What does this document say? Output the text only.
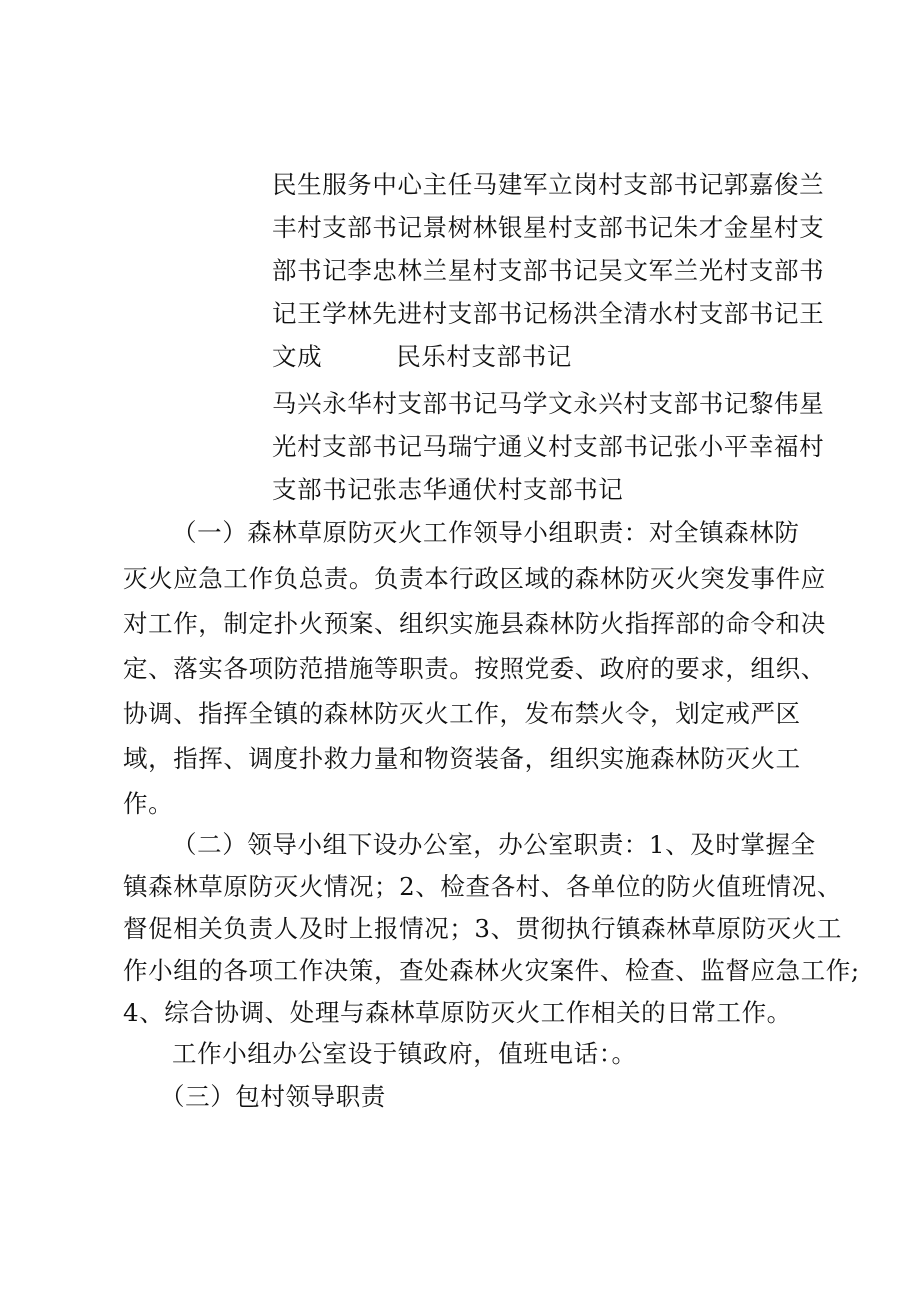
民生服务中心主任马建军立岗村支部书记郭嘉俊兰
丰村支部书记景树林银星村支部书记朱才金星村支
部书记李忠林兰星村支部书记吴文军兰光村支部书
记王学林先进村支部书记杨洪全清水村支部书记王
文成	民乐村支部书记
马兴永华村支部书记马学文永兴村支部书记黎伟星
光村支部书记马瑞宁通义村支部书记张小平幸福村
支部书记张志华通伏村支部书记
（一）森林草原防灭火工作领导小组职责：对全镇森林防
灭火应急工作负总责。负责本行政区域的森林防灭火突发事件应
对工作，制定扑火预案、组织实施县森林防火指挥部的命令和决
定、落实各项防范措施等职责。按照党委、政府的要求，组织、
协调、指挥全镇的森林防灭火工作，发布禁火令，划定戒严区
域，指挥、调度扑救力量和物资装备，组织实施森林防灭火工
作。
（二）领导小组下设办公室，办公室职责：1、及时掌握全
镇森林草原防灭火情况；2、检查各村、各单位的防火值班情况、
督促相关负责人及时上报情况；3、贯彻执行镇森林草原防灭火工
作小组的各项工作决策，查处森林火灾案件、检查、监督应急工作;
4、综合协调、处理与森林草原防灭火工作相关的日常工作。
工作小组办公室设于镇政府，值班电话：。
（三）包村领导职责
